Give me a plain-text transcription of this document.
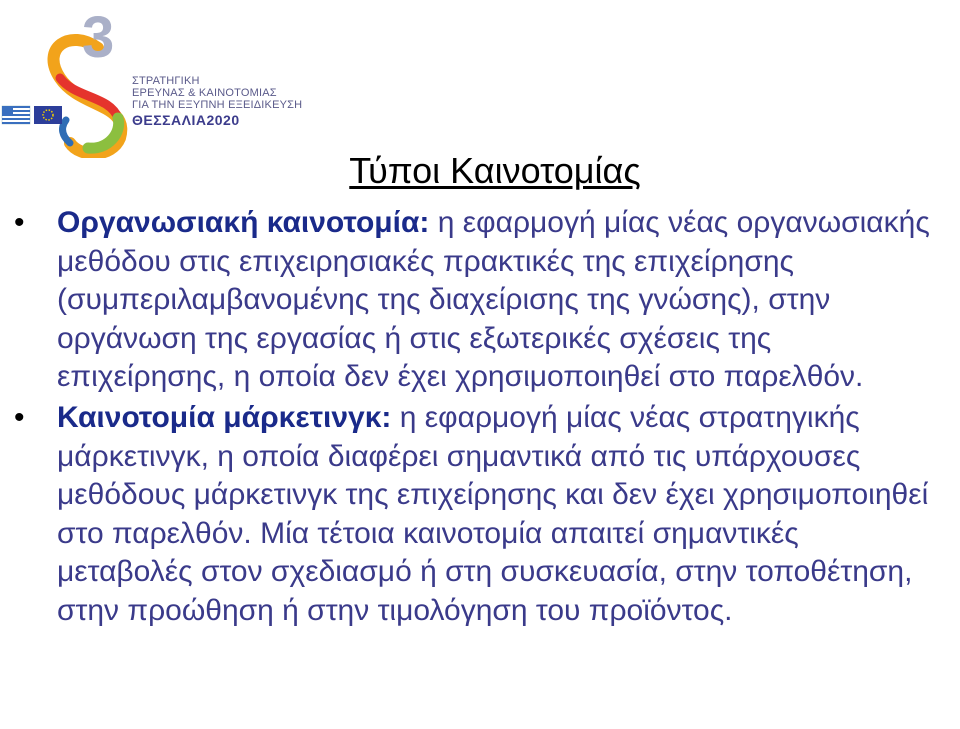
3
ΣΤΡΑΤΗΓΙΚΗ
ΕΡΕΥΝΑΣ & ΚΑΙΝΟΤΟΜΙΑΣ
ΓΙΑ ΤΗΝ ΕΞΥΠΝΗ ΕΞΕΙΔΙΚΕΥΣΗ
ΘΕΣΣΑΛΙΑ2020
Τύποι Καινοτομίας
• Οργανωσιακή καινοτομία: η εφαρμογή μίας νέας οργανωσιακής μεθόδου στις επιχειρησιακές πρακτικές της επιχείρησης (συμπεριλαμβανομένης της διαχείρισης της γνώσης), στην οργάνωση της εργασίας ή στις εξωτερικές σχέσεις της επιχείρησης, η οποία δεν έχει χρησιμοποιηθεί στο παρελθόν.
• Καινοτομία μάρκετινγκ: η εφαρμογή μίας νέας στρατηγικής μάρκετινγκ, η οποία διαφέρει σημαντικά από τις υπάρχουσες μεθόδους μάρκετινγκ της επιχείρησης και δεν έχει χρησιμοποιηθεί στο παρελθόν. Μία τέτοια καινοτομία απαιτεί σημαντικές μεταβολές στον σχεδιασμό ή στη συσκευασία, στην τοποθέτηση, στην προώθηση ή στην τιμολόγηση του προϊόντος.
